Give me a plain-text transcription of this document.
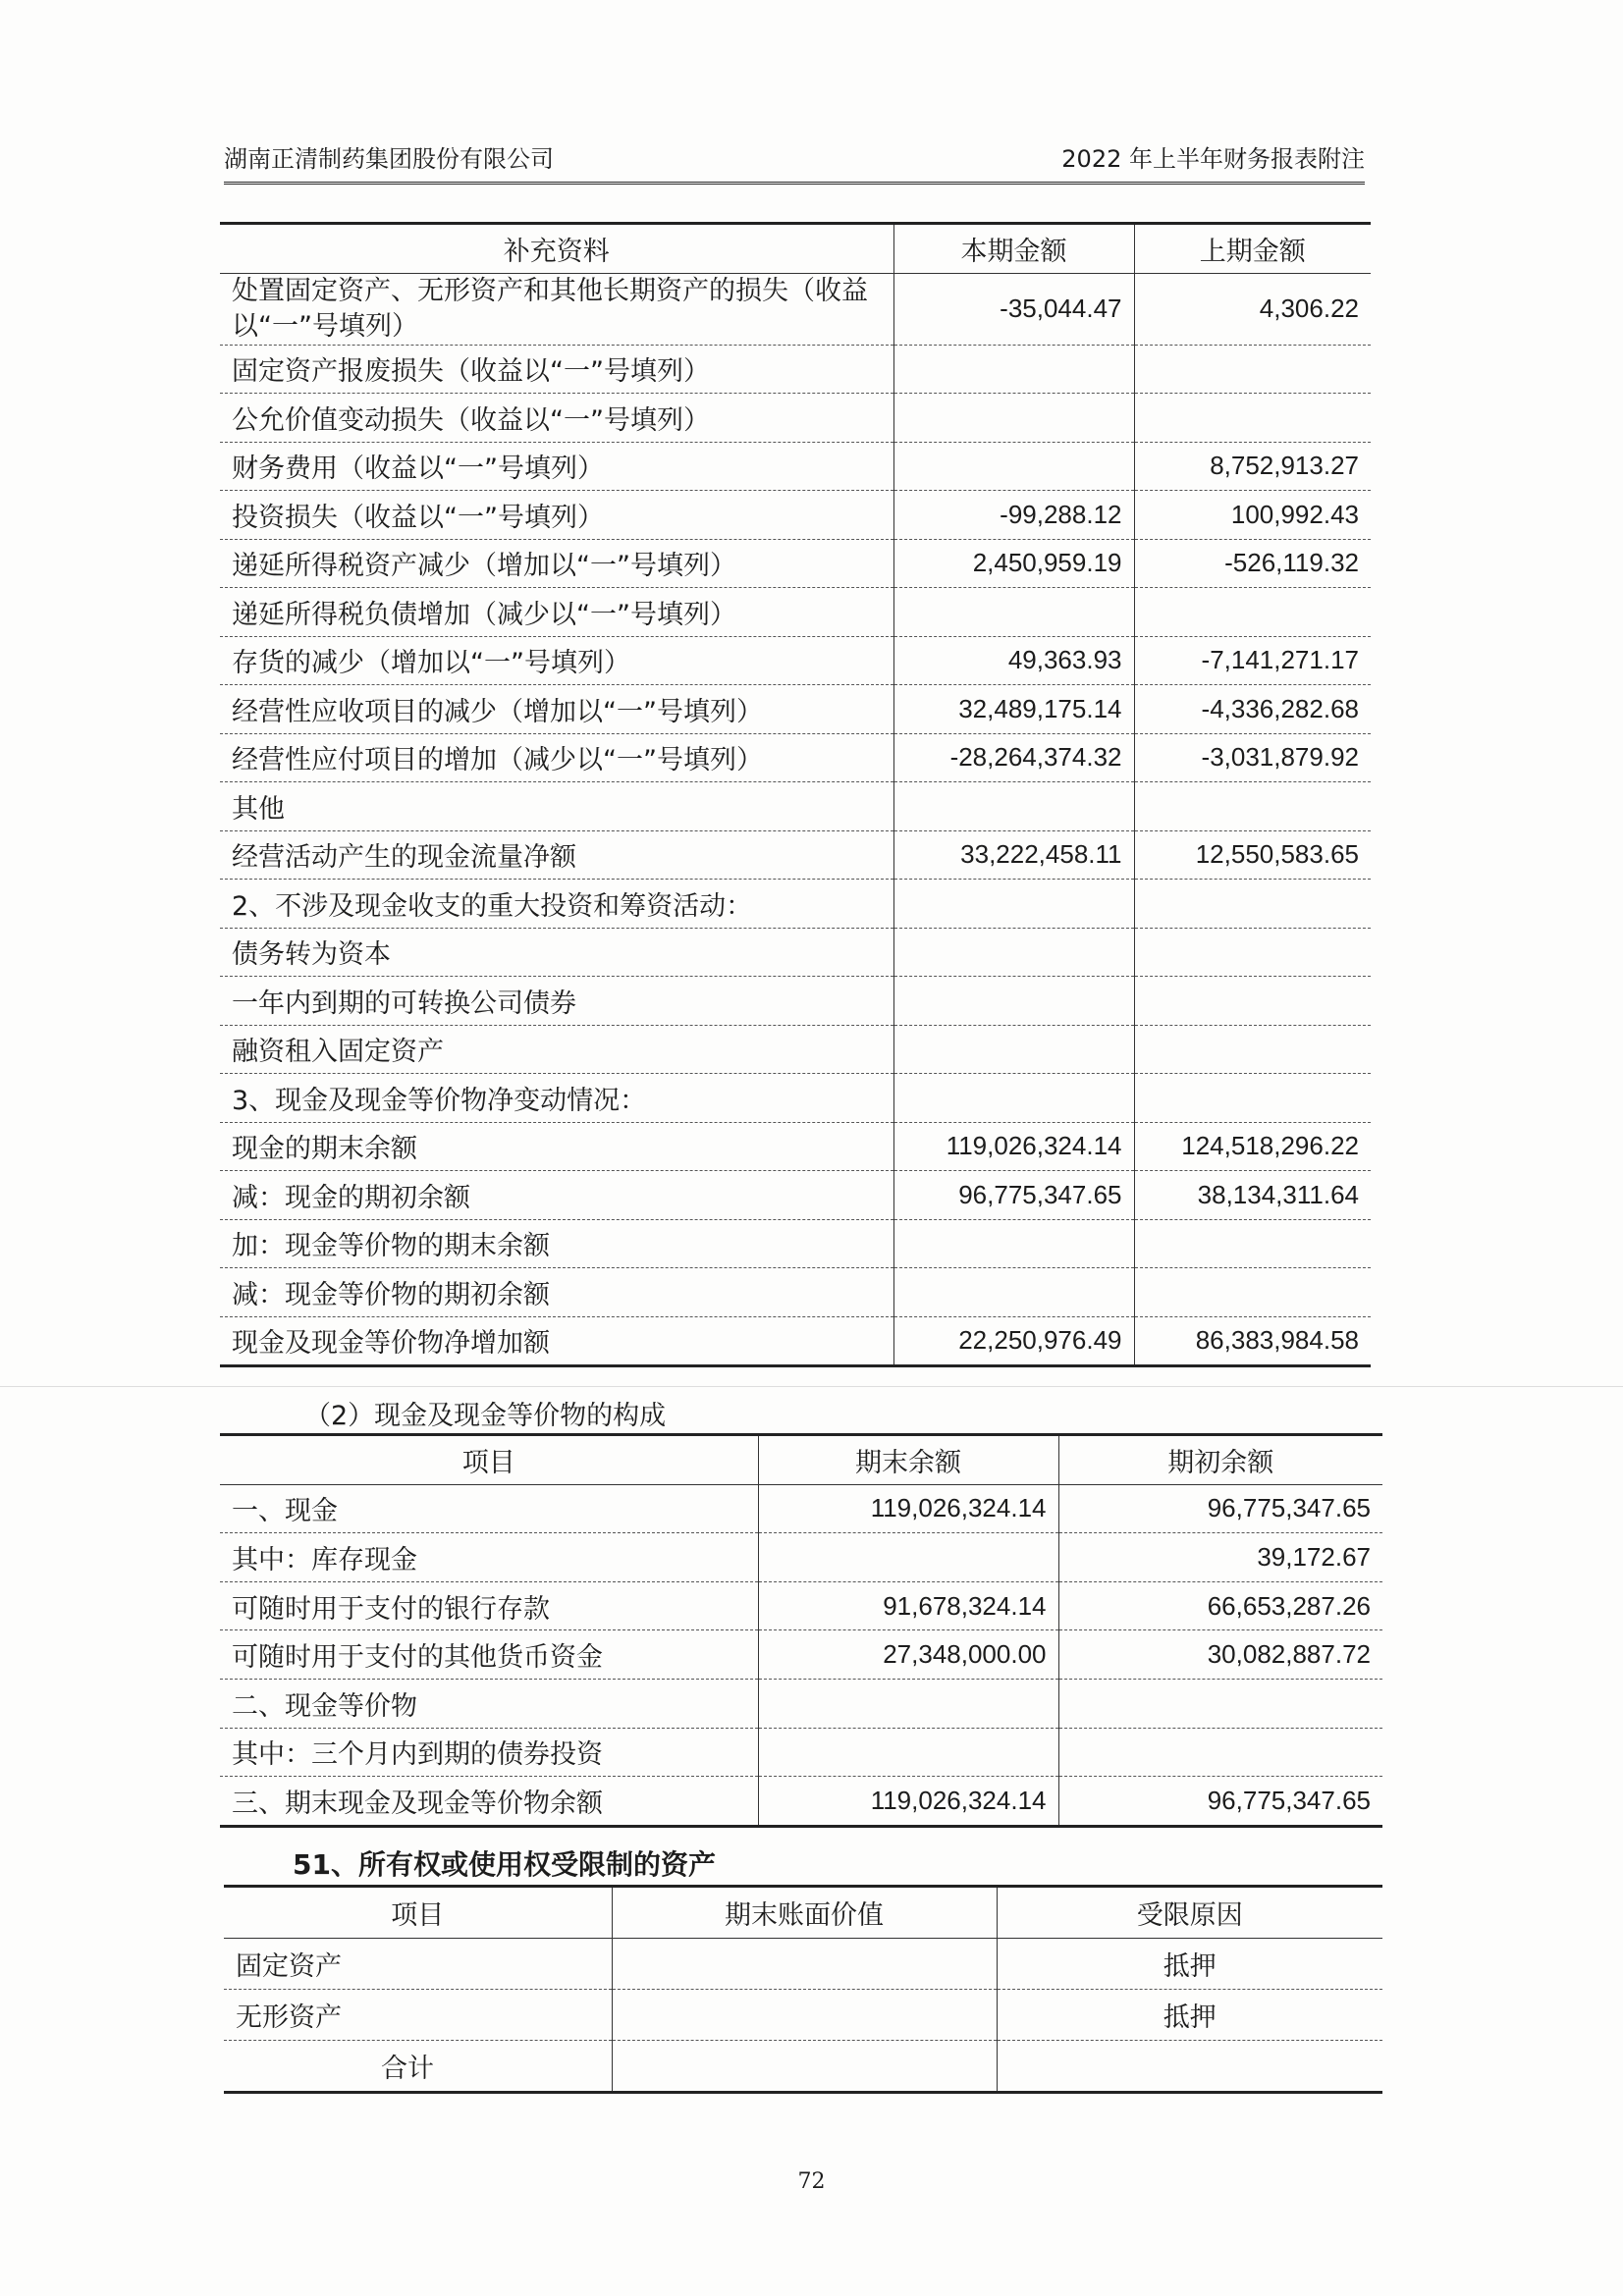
湖南正清制药集团股份有限公司	2022 年上半年财务报表附注
补充资料	本期金额	上期金额
处置固定资产、无形资产和其他长期资产的损失（收益以“一”号填列）	-35,044.47	4,306.22
固定资产报废损失（收益以“一”号填列）		
公允价值变动损失（收益以“一”号填列）		
财务费用（收益以“一”号填列）		8,752,913.27
投资损失（收益以“一”号填列）	-99,288.12	100,992.43
递延所得税资产减少（增加以“一”号填列）	2,450,959.19	-526,119.32
递延所得税负债增加（减少以“一”号填列）		
存货的减少（增加以“一”号填列）	49,363.93	-7,141,271.17
经营性应收项目的减少（增加以“一”号填列）	32,489,175.14	-4,336,282.68
经营性应付项目的增加（减少以“一”号填列）	-28,264,374.32	-3,031,879.92
其他		
经营活动产生的现金流量净额	33,222,458.11	12,550,583.65
2、不涉及现金收支的重大投资和筹资活动：		
债务转为资本		
一年内到期的可转换公司债券		
融资租入固定资产		
3、现金及现金等价物净变动情况：		
现金的期末余额	119,026,324.14	124,518,296.22
减：现金的期初余额	96,775,347.65	38,134,311.64
加：现金等价物的期末余额		
减：现金等价物的期初余额		
现金及现金等价物净增加额	22,250,976.49	86,383,984.58
（2）现金及现金等价物的构成
项目	期末余额	期初余额
一、现金	119,026,324.14	96,775,347.65
其中：库存现金		39,172.67
可随时用于支付的银行存款	91,678,324.14	66,653,287.26
可随时用于支付的其他货币资金	27,348,000.00	30,082,887.72
二、现金等价物		
其中：三个月内到期的债券投资		
三、期末现金及现金等价物余额	119,026,324.14	96,775,347.65
51、所有权或使用权受限制的资产
项目	期末账面价值	受限原因
固定资产		抵押
无形资产		抵押
合计		
72
